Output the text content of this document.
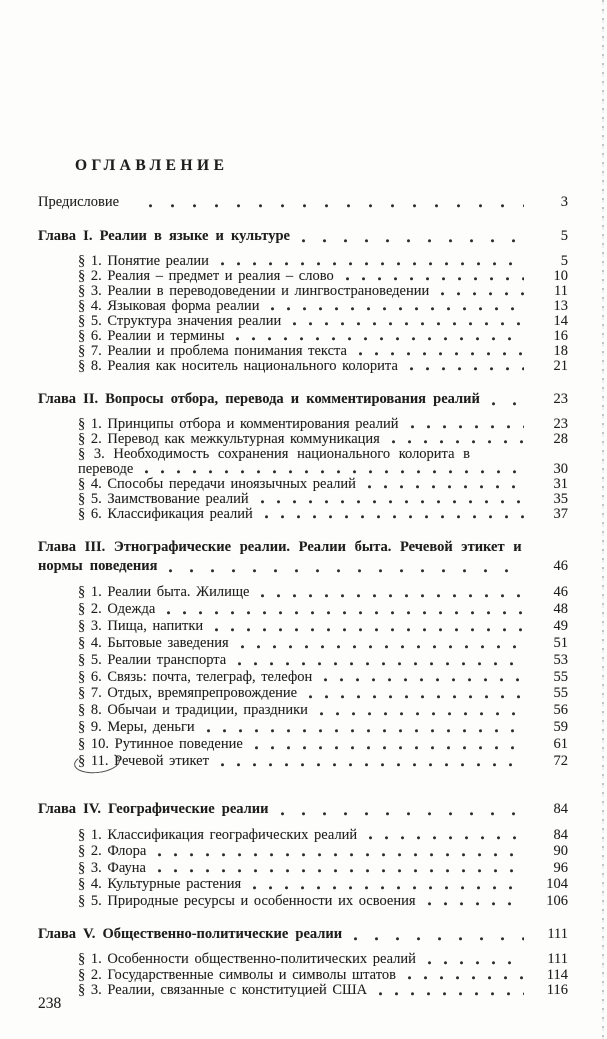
ОГЛАВЛЕНИЕ
Предисловие	3
Глава I. Реалии в языке и культуре	5
§ 1. Понятие реалии	5
§ 2. Реалия – предмет и реалия – слово	10
§ 3. Реалии в переводоведении и лингвострановедении	11
§ 4. Языковая форма реалии	13
§ 5. Структура значения реалии	14
§ 6. Реалии и термины	16
§ 7. Реалии и проблема понимания текста	18
§ 8. Реалия как носитель национального колорита	21
Глава II. Вопросы отбора, перевода и комментирования реалий	23
§ 1. Принципы отбора и комментирования реалий	23
§ 2. Перевод как межкультурная коммуникация	28
§ 3. Необходимость сохранения национального колорита в
переводе	30
§ 4. Способы передачи иноязычных реалий	31
§ 5. Заимствование реалий	35
§ 6. Классификация реалий	37
Глава III. Этнографические реалии. Реалии быта. Речевой этикет и
нормы поведения	46
§ 1. Реалии быта. Жилище	46
§ 2. Одежда	48
§ 3. Пища, напитки	49
§ 4. Бытовые заведения	51
§ 5. Реалии транспорта	53
§ 6. Связь: почта, телеграф, телефон	55
§ 7. Отдых, времяпрепровождение	55
§ 8. Обычаи и традиции, праздники	56
§ 9. Меры, деньги	59
§ 10. Рутинное поведение	61
§ 11. Речевой этикет	72
Глава IV. Географические реалии	84
§ 1. Классификация географических реалий	84
§ 2. Флора	90
§ 3. Фауна	96
§ 4. Культурные растения	104
§ 5. Природные ресурсы и особенности их освоения	106
Глава V. Общественно-политические реалии	111
§ 1. Особенности общественно-политических реалий	111
§ 2. Государственные символы и символы штатов	114
§ 3. Реалии, связанные с конституцией США	116
238
